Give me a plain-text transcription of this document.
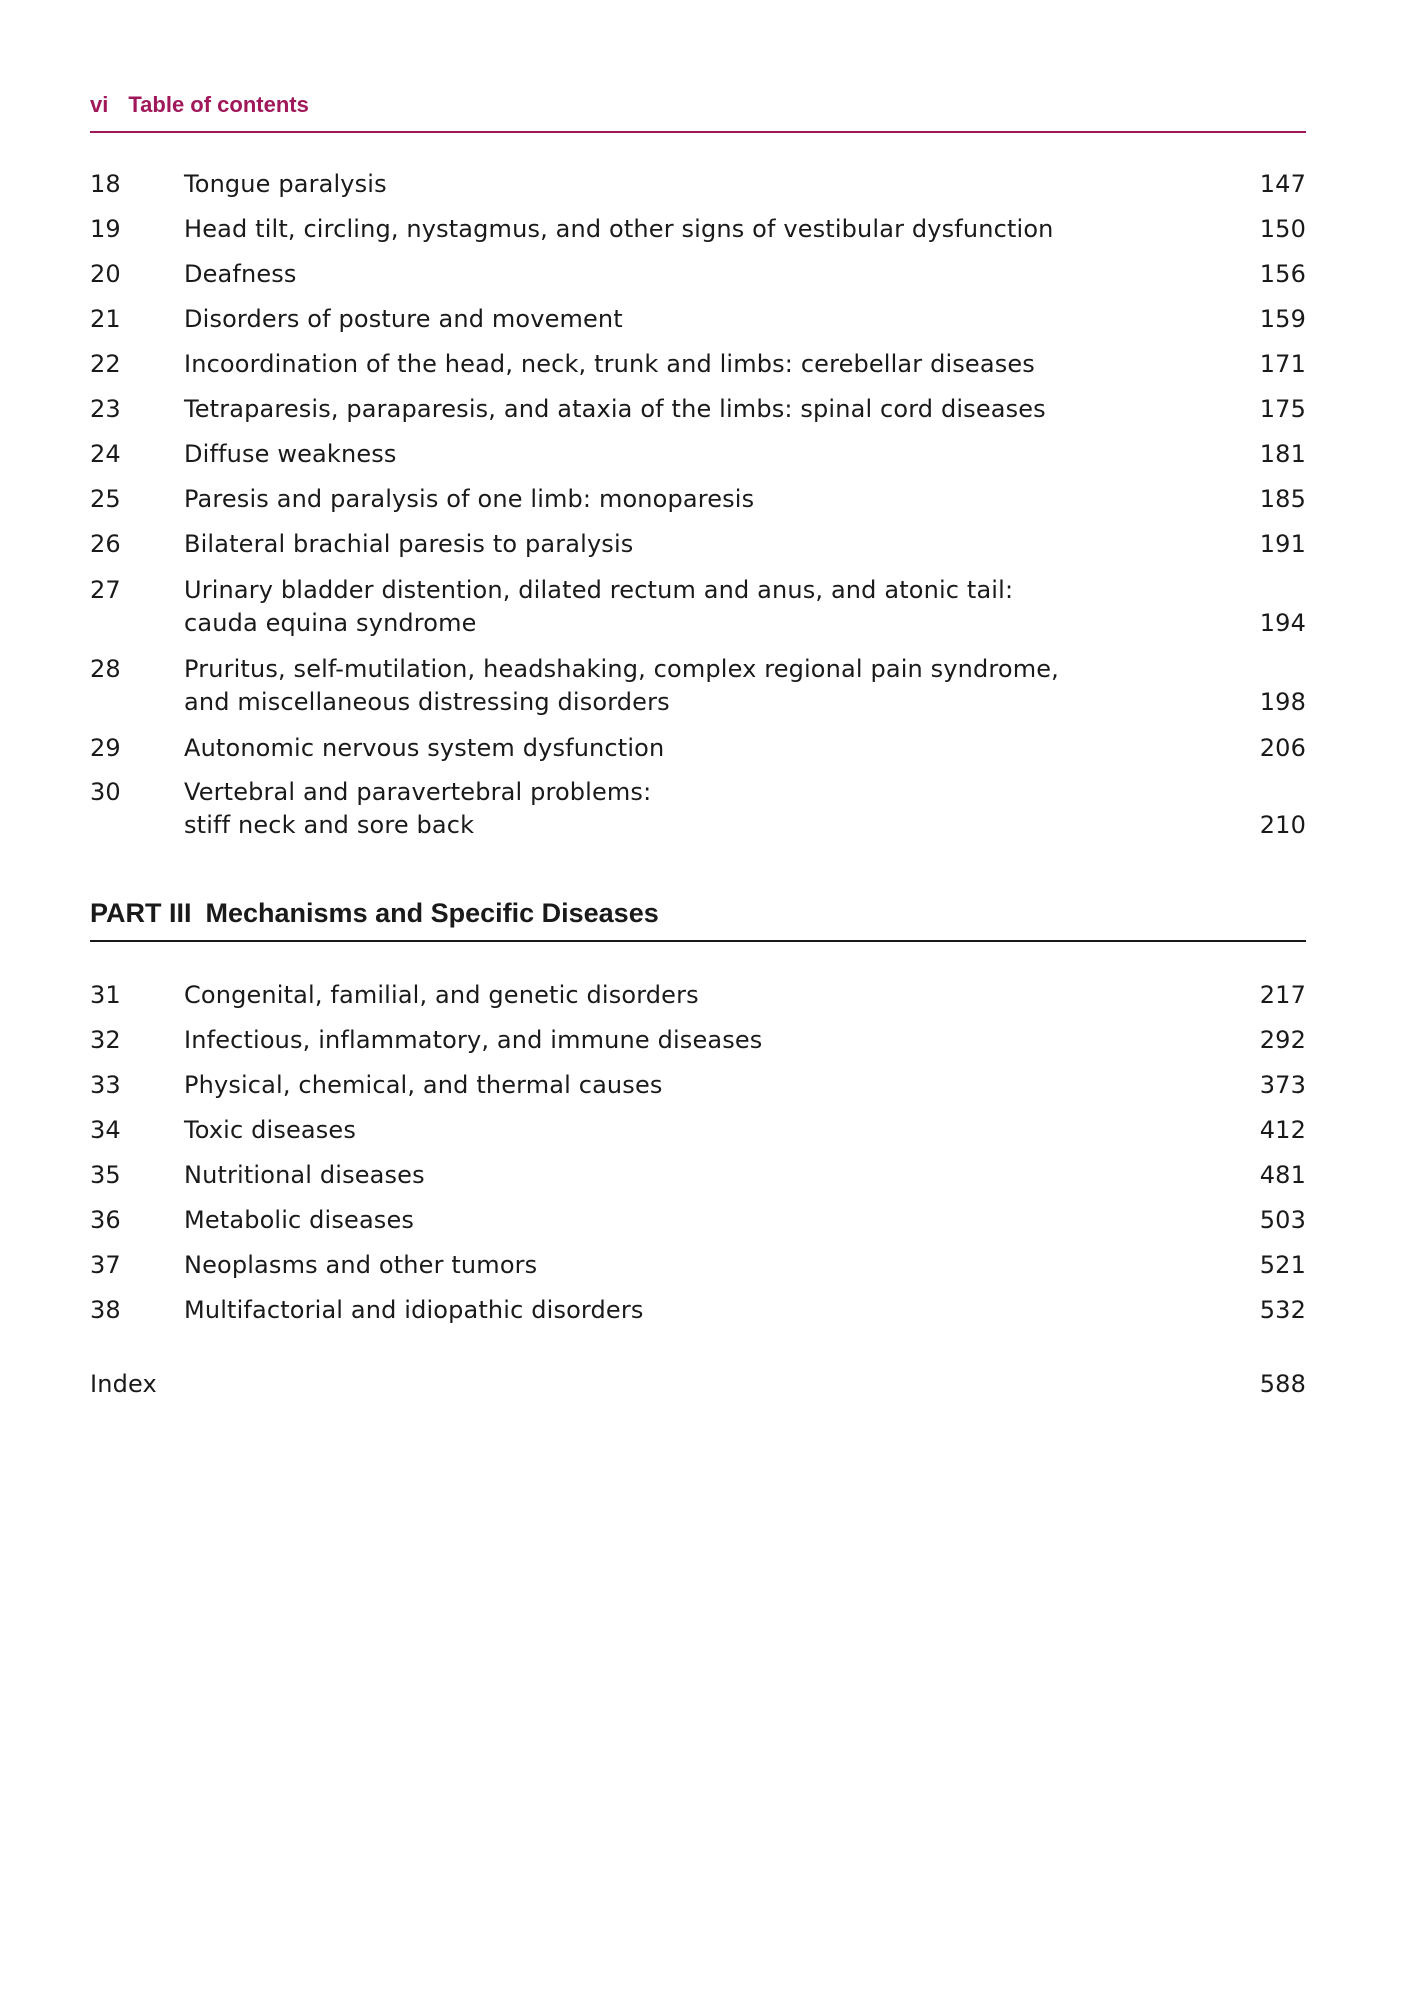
vi Table of contents
18	Tongue paralysis	147
19	Head tilt, circling, nystagmus, and other signs of vestibular dysfunction	150
20	Deafness	156
21	Disorders of posture and movement	159
22	Incoordination of the head, neck, trunk and limbs: cerebellar diseases	171
23	Tetraparesis, paraparesis, and ataxia of the limbs: spinal cord diseases	175
24	Diffuse weakness	181
25	Paresis and paralysis of one limb: monoparesis	185
26	Bilateral brachial paresis to paralysis	191
27	Urinary bladder distention, dilated rectum and anus, and atonic tail:
cauda equina syndrome	194
28	Pruritus, self-mutilation, headshaking, complex regional pain syndrome,
and miscellaneous distressing disorders	198
29	Autonomic nervous system dysfunction	206
30	Vertebral and paravertebral problems:
stiff neck and sore back	210
PART III Mechanisms and Specific Diseases
31	Congenital, familial, and genetic disorders	217
32	Infectious, inflammatory, and immune diseases	292
33	Physical, chemical, and thermal causes	373
34	Toxic diseases	412
35	Nutritional diseases	481
36	Metabolic diseases	503
37	Neoplasms and other tumors	521
38	Multifactorial and idiopathic disorders	532
Index	588
